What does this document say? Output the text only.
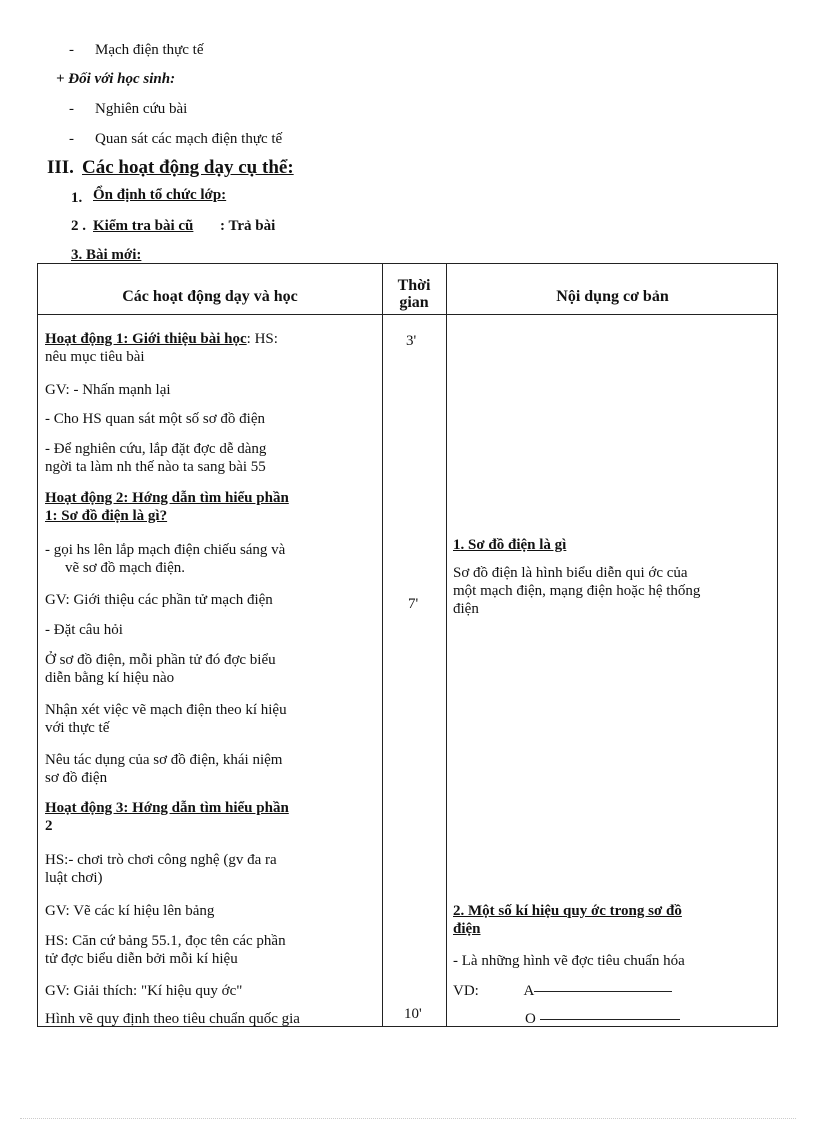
- Mạch điện thực tế
+ Đối với học sinh:
- Nghiên cứu bài
- Quan sát các mạch điện thực tế
III. Các hoạt động dạy cụ thể:
1. Ổn định tổ chức lớp:
2 . Kiểm tra bài cũ : Trả bài
3. Bài mới:
Các hoạt động dạy và học
Thời
gian	Nội dụng cơ bản
3'
7'
10'
Hoạt động 1: Giới thiệu bài học: HS:
nêu mục tiêu bài
GV: - Nhấn mạnh lại
- Cho HS quan sát một số sơ đồ điện
- Để nghiên cứu, lắp đặt đợc dễ dàng
ngời ta làm nh thế nào ta sang bài 55
Hoạt động 2: Hớng dẫn tìm hiểu phần
1: Sơ đồ điện là gì?
- gọi hs lên lắp mạch điện chiếu sáng và
vẽ sơ đồ mạch điện.
GV: Giới thiệu các phần tử mạch điện
- Đặt câu hỏi
Ở sơ đồ điện, mỗi phần tử đó đợc biểu
diễn bằng kí hiệu nào
Nhận xét việc vẽ mạch điện theo kí hiệu
với thực tế
Nêu tác dụng của sơ đồ điện, khái niệm
sơ đồ điện
Hoạt động 3: Hớng dẫn tìm hiểu phần
2
HS:- chơi trò chơi công nghệ (gv đa ra
luật chơi)
GV: Vẽ các kí hiệu lên bảng
HS: Căn cứ bảng 55.1, đọc tên các phần
tử đợc biểu diễn bởi mỗi kí hiệu
GV: Giải thích: "Kí hiệu quy ớc"
Hình vẽ quy định theo tiêu chuẩn quốc gia
1. Sơ đồ điện là gì
Sơ đồ điện là hình biểu diễn qui ớc của
một mạch điện, mạng điện hoặc hệ thống
điện
2. Một số kí hiệu quy ớc trong sơ đồ
điện
- Là những hình vẽ đợc tiêu chuẩn hóa
VD:	A
O
